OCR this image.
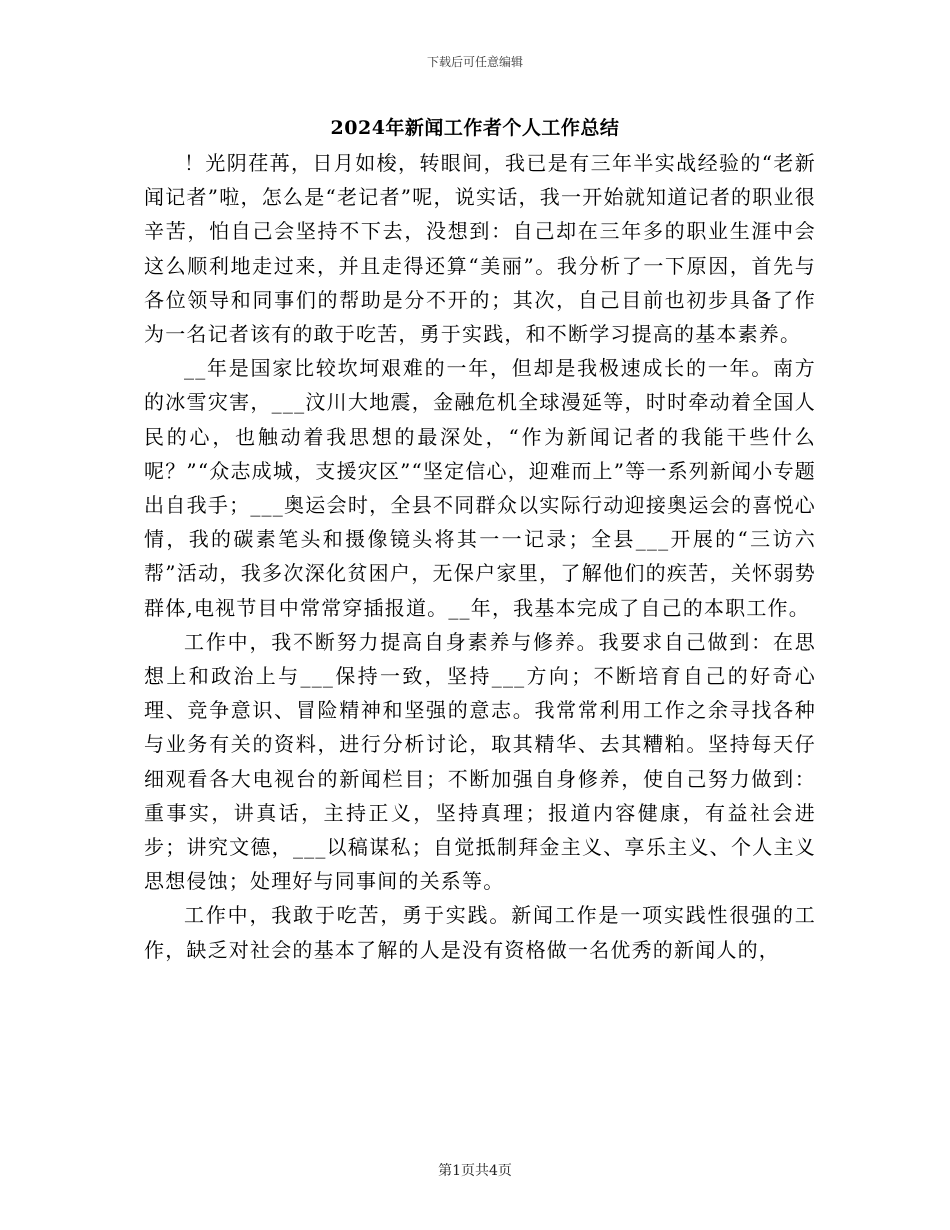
下载后可任意编辑
2024年新闻工作者个人工作总结

！光阴荏苒，日月如梭，转眼间，我已是有三年半实战经验的“老新闻记者”啦，怎么是“老记者”呢，说实话，我一开始就知道记者的职业很辛苦，怕自己会坚持不下去，没想到：自己却在三年多的职业生涯中会这么顺利地走过来，并且走得还算“美丽”。我分析了一下原因，首先与各位领导和同事们的帮助是分不开的；其次，自己目前也初步具备了作为一名记者该有的敢于吃苦，勇于实践，和不断学习提高的基本素养。

__年是国家比较坎坷艰难的一年，但却是我极速成长的一年。南方的冰雪灾害，___汶川大地震，金融危机全球漫延等，时时牵动着全国人民的心，也触动着我思想的最深处，“作为新闻记者的我能干些什么呢？”“众志成城，支援灾区”“坚定信心，迎难而上”等一系列新闻小专题出自我手；___奥运会时，全县不同群众以实际行动迎接奥运会的喜悦心情，我的碳素笔头和摄像镜头将其一一记录；全县___开展的“三访六帮”活动，我多次深化贫困户，无保户家里，了解他们的疾苦，关怀弱势群体,电视节目中常常穿插报道。__年，我基本完成了自己的本职工作。

工作中，我不断努力提高自身素养与修养。我要求自己做到：在思想上和政治上与___保持一致，坚持___方向；不断培育自己的好奇心理、竞争意识、冒险精神和坚强的意志。我常常利用工作之余寻找各种与业务有关的资料，进行分析讨论，取其精华、去其糟粕。坚持每天仔细观看各大电视台的新闻栏目；不断加强自身修养，使自己努力做到：重事实，讲真话，主持正义，坚持真理；报道内容健康，有益社会进步；讲究文德，___以稿谋私；自觉抵制拜金主义、享乐主义、个人主义思想侵蚀；处理好与同事间的关系等。

工作中，我敢于吃苦，勇于实践。新闻工作是一项实践性很强的工作，缺乏对社会的基本了解的人是没有资格做一名优秀的新闻人的，

第1页共4页
